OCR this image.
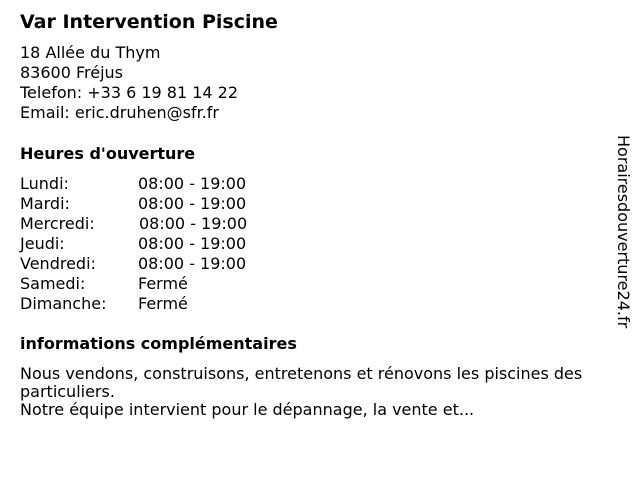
Var Intervention Piscine
18 Allée du Thym
83600 Fréjus
Telefon: +33 6 19 81 14 22
Email: eric.druhen@sfr.fr
Heures d'ouverture
Lundi:	08:00 - 19:00
Mardi:	08:00 - 19:00
Mercredi:	08:00 - 19:00
Jeudi:	08:00 - 19:00
Vendredi:	08:00 - 19:00
Samedi:	Fermé
Dimanche: Fermé
informations complémentaires

Nous vendons, construisons, entretenons et rénovons les piscines des particuliers.

Notre équipe intervient pour le dépannage, la vente et...

Horairesdouverture24.fr
